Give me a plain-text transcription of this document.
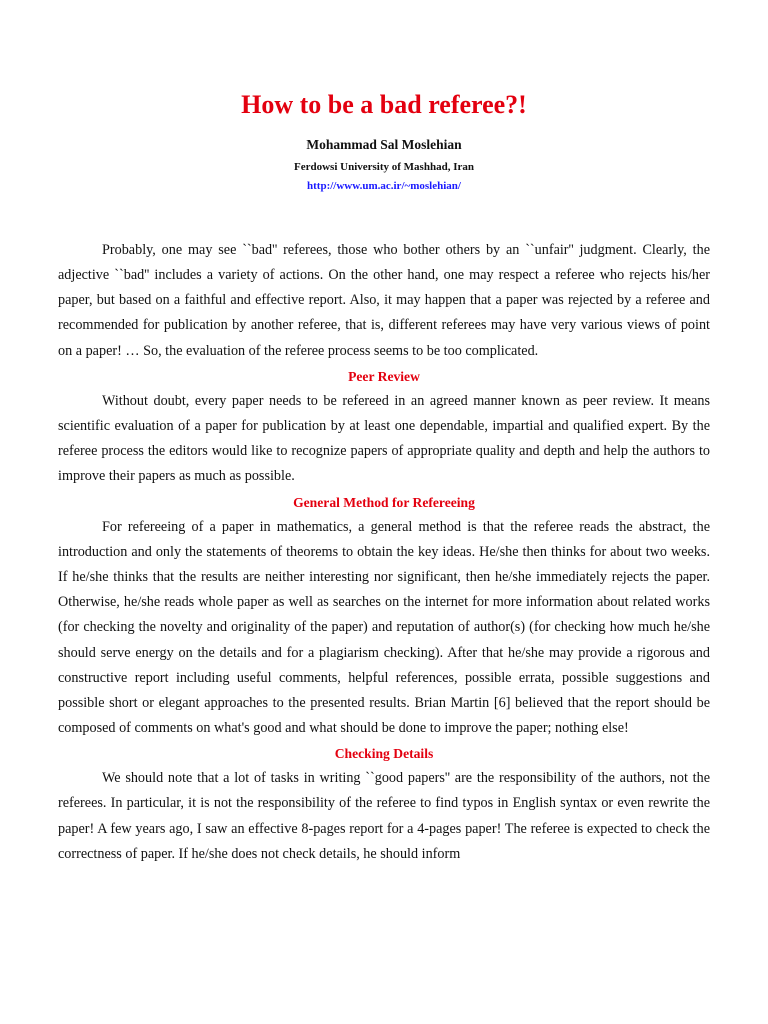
How to be a bad referee?!
Mohammad Sal Moslehian
Ferdowsi University of Mashhad, Iran
http://www.um.ac.ir/~moslehian/

Probably, one may see ``bad'' referees, those who bother others by an ``unfair'' judgment. Clearly, the adjective ``bad'' includes a variety of actions. On the other hand, one may respect a referee who rejects his/her paper, but based on a faithful and effective report. Also, it may happen that a paper was rejected by a referee and recommended for publication by another referee, that is, different referees may have very various views of point on a paper! … So, the evaluation of the referee process seems to be too complicated.

Peer Review

Without doubt, every paper needs to be refereed in an agreed manner known as peer review. It means scientific evaluation of a paper for publication by at least one dependable, impartial and qualified expert. By the referee process the editors would like to recognize papers of appropriate quality and depth and help the authors to improve their papers as much as possible.

General Method for Refereeing

For refereeing of a paper in mathematics, a general method is that the referee reads the abstract, the introduction and only the statements of theorems to obtain the key ideas. He/she then thinks for about two weeks. If he/she thinks that the results are neither interesting nor significant, then he/she immediately rejects the paper. Otherwise, he/she reads whole paper as well as searches on the internet for more information about related works (for checking the novelty and originality of the paper) and reputation of author(s) (for checking how much he/she should serve energy on the details and for a plagiarism checking). After that he/she may provide a rigorous and constructive report including useful comments, helpful references, possible errata, possible suggestions and possible short or elegant approaches to the presented results. Brian Martin [6] believed that the report should be composed of comments on what's good and what should be done to improve the paper; nothing else!

Checking Details

We should note that a lot of tasks in writing ``good papers'' are the responsibility of the authors, not the referees. In particular, it is not the responsibility of the referee to find typos in English syntax or even rewrite the paper! A few years ago, I saw an effective 8-pages report for a 4-pages paper! The referee is expected to check the correctness of paper. If he/she does not check details, he should inform
